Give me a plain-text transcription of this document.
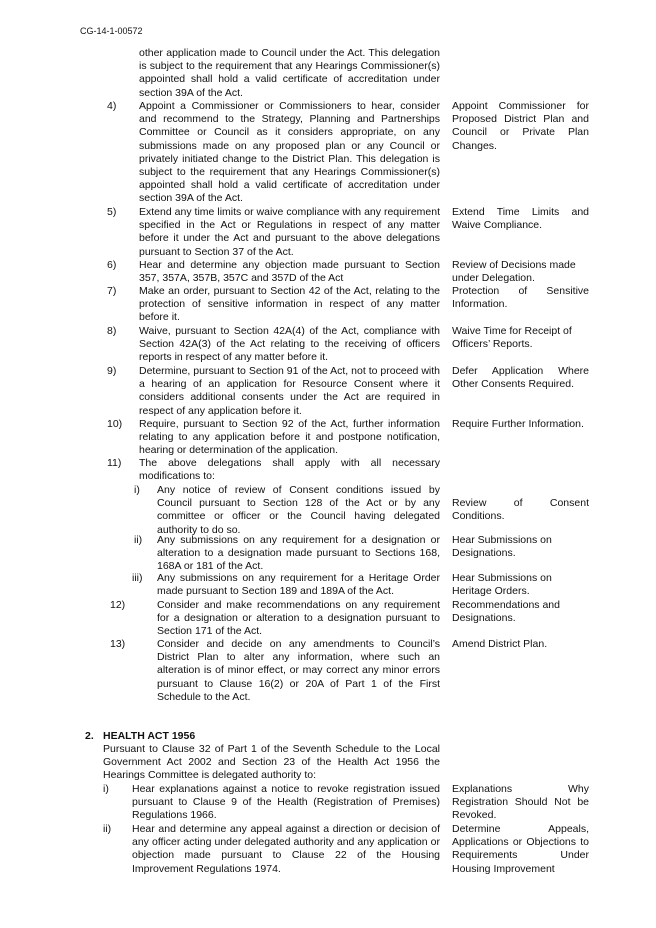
CG-14-1-00572
other application made to Council under the Act. This delegation is subject to the requirement that any Hearings Commissioner(s) appointed shall hold a valid certificate of accreditation under section 39A of the Act.
4) Appoint a Commissioner or Commissioners to hear, consider and recommend to the Strategy, Planning and Partnerships Committee or Council as it considers appropriate, on any submissions made on any proposed plan or any Council or privately initiated change to the District Plan. This delegation is subject to the requirement that any Hearings Commissioner(s) appointed shall hold a valid certificate of accreditation under section 39A of the Act.
Appoint Commissioner for Proposed District Plan and Council or Private Plan Changes.
5) Extend any time limits or waive compliance with any requirement specified in the Act or Regulations in respect of any matter before it under the Act and pursuant to the above delegations pursuant to Section 37 of the Act.
Extend Time Limits and Waive Compliance.
6) Hear and determine any objection made pursuant to Section 357, 357A, 357B, 357C and 357D of the Act
Review of Decisions made under Delegation.
7) Make an order, pursuant to Section 42 of the Act, relating to the protection of sensitive information in respect of any matter before it.
Protection of Sensitive Information.
8) Waive, pursuant to Section 42A(4) of the Act, compliance with Section 42A(3) of the Act relating to the receiving of officers reports in respect of any matter before it.
Waive Time for Receipt of Officers’ Reports.
9) Determine, pursuant to Section 91 of the Act, not to proceed with a hearing of an application for Resource Consent where it considers additional consents under the Act are required in respect of any application before it.
Defer Application Where Other Consents Required.
10) Require, pursuant to Section 92 of the Act, further information relating to any application before it and postpone notification, hearing or determination of the application.
Require Further Information.
11) The above delegations shall apply with all necessary modifications to:
i) Any notice of review of Consent conditions issued by Council pursuant to Section 128 of the Act or by any committee or officer or the Council having delegated authority to do so.
Review of Consent Conditions.
ii) Any submissions on any requirement for a designation or alteration to a designation made pursuant to Sections 168, 168A or 181 of the Act.
Hear Submissions on Designations.
iii) Any submissions on any requirement for a Heritage Order made pursuant to Section 189 and 189A of the Act.
Hear Submissions on Heritage Orders.
12)	Consider and make recommendations on any requirement for a designation or alteration to a designation pursuant to Section 171 of the Act.
Recommendations and Designations.
13)	Consider and decide on any amendments to Council’s District Plan to alter any information, where such an alteration is of minor effect, or may correct any minor errors pursuant to Clause 16(2) or 20A of Part 1 of the First Schedule to the Act.
Amend District Plan.
2. HEALTH ACT 1956
Pursuant to Clause 32 of Part 1 of the Seventh Schedule to the Local Government Act 2002 and Section 23 of the Health Act 1956 the Hearings Committee is delegated authority to:
i) Hear explanations against a notice to revoke registration issued pursuant to Clause 9 of the Health (Registration of Premises) Regulations 1966.
Explanations Why Registration Should Not be Revoked.
ii) Hear and determine any appeal against a direction or decision of any officer acting under delegated authority and any application or objection made pursuant to Clause 22 of the Housing Improvement Regulations 1974.
Determine Appeals, Applications or Objections to Requirements Under Housing Improvement
